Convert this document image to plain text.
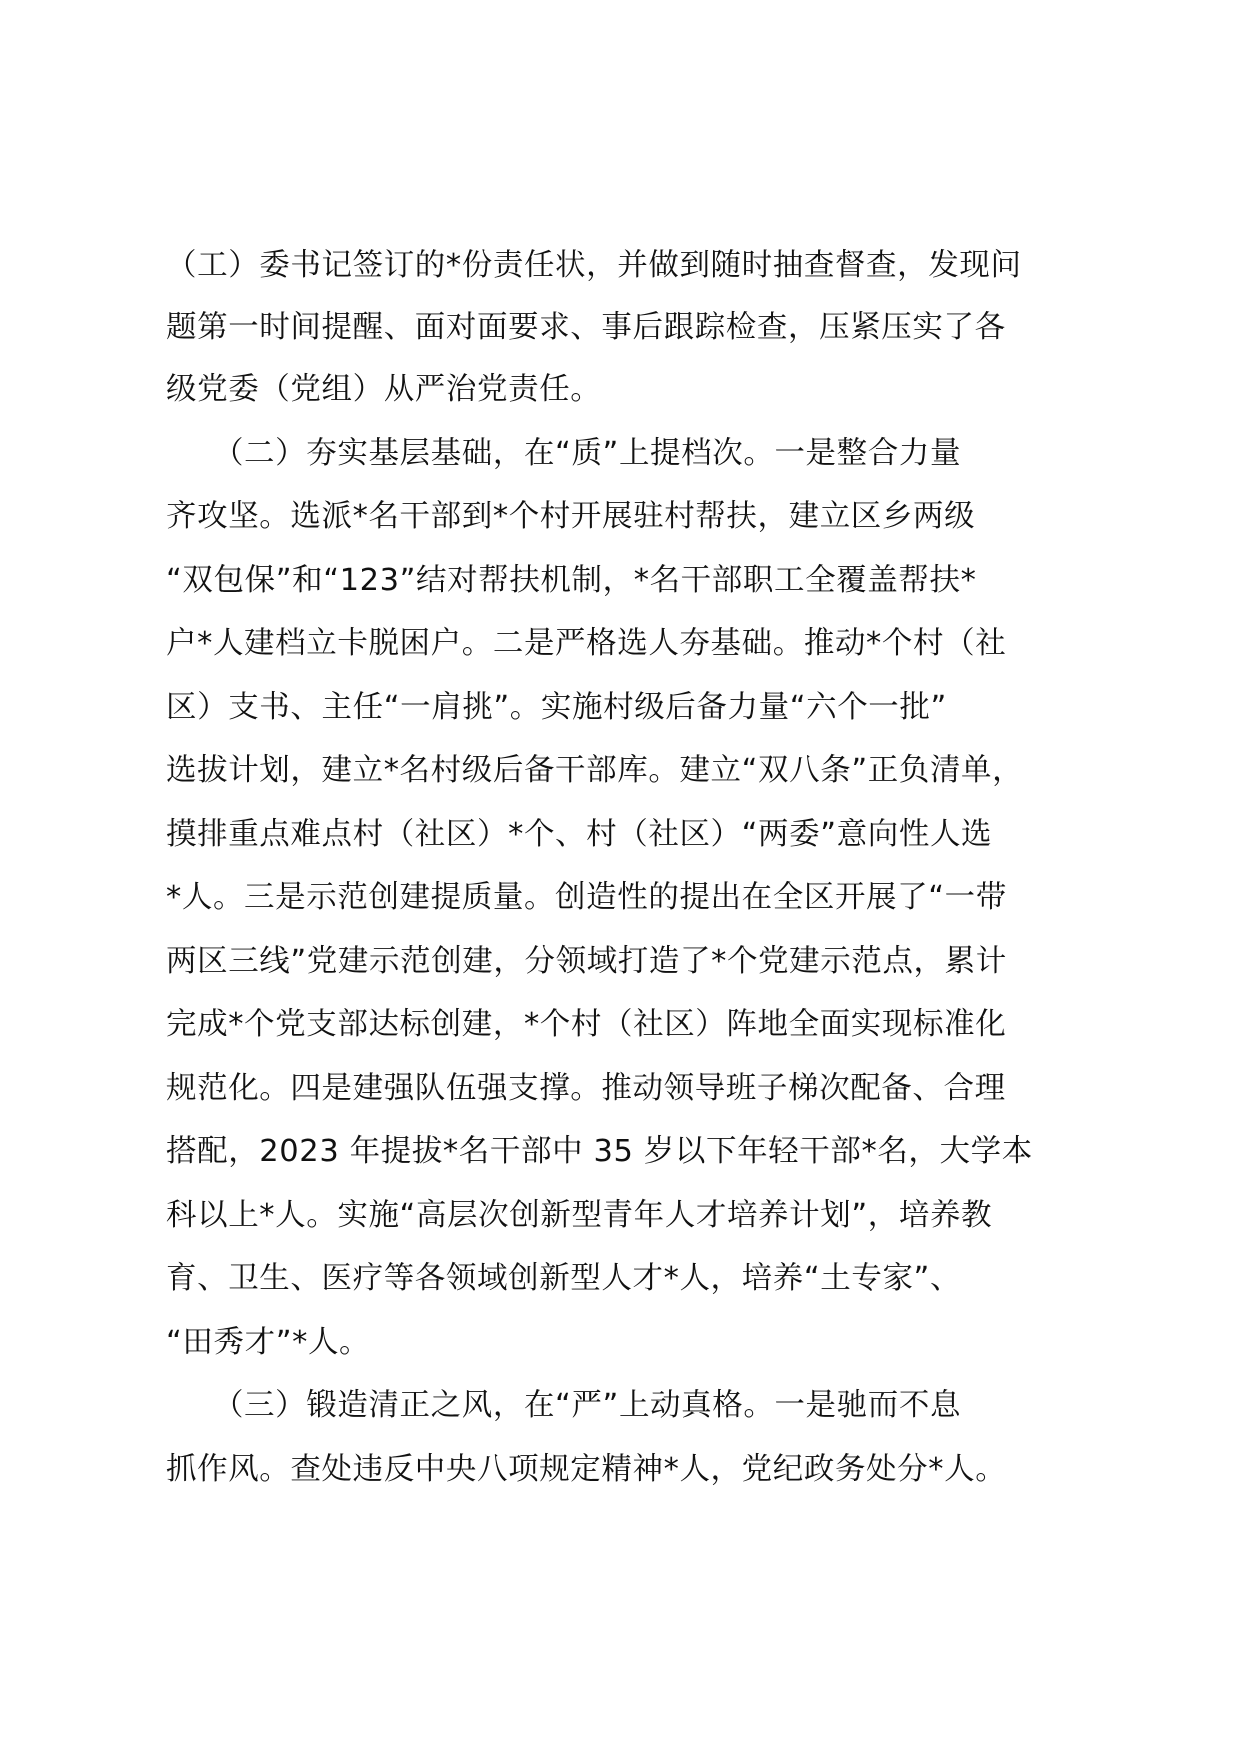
（工）委书记签订的*份责任状，并做到随时抽查督查，发现问
题第一时间提醒、面对面要求、事后跟踪检查，压紧压实了各
级党委（党组）从严治党责任。
　　（二）夯实基层基础，在“质”上提档次。一是整合力量
齐攻坚。选派*名干部到*个村开展驻村帮扶，建立区乡两级
“双包保”和“123”结对帮扶机制，*名干部职工全覆盖帮扶*
户*人建档立卡脱困户。二是严格选人夯基础。推动*个村（社
区）支书、主任“一肩挑”。实施村级后备力量“六个一批”
选拔计划，建立*名村级后备干部库。建立“双八条”正负清单，
摸排重点难点村（社区）*个、村（社区）“两委”意向性人选
*人。三是示范创建提质量。创造性的提出在全区开展了“一带
两区三线”党建示范创建，分领域打造了*个党建示范点，累计
完成*个党支部达标创建，*个村（社区）阵地全面实现标准化
规范化。四是建强队伍强支撑。推动领导班子梯次配备、合理
搭配，2023 年提拔*名干部中 35 岁以下年轻干部*名，大学本
科以上*人。实施“高层次创新型青年人才培养计划”，培养教
育、卫生、医疗等各领域创新型人才*人，培养“土专家”、
“田秀才”*人。
　　（三）锻造清正之风，在“严”上动真格。一是驰而不息
抓作风。查处违反中央八项规定精神*人，党纪政务处分*人。
